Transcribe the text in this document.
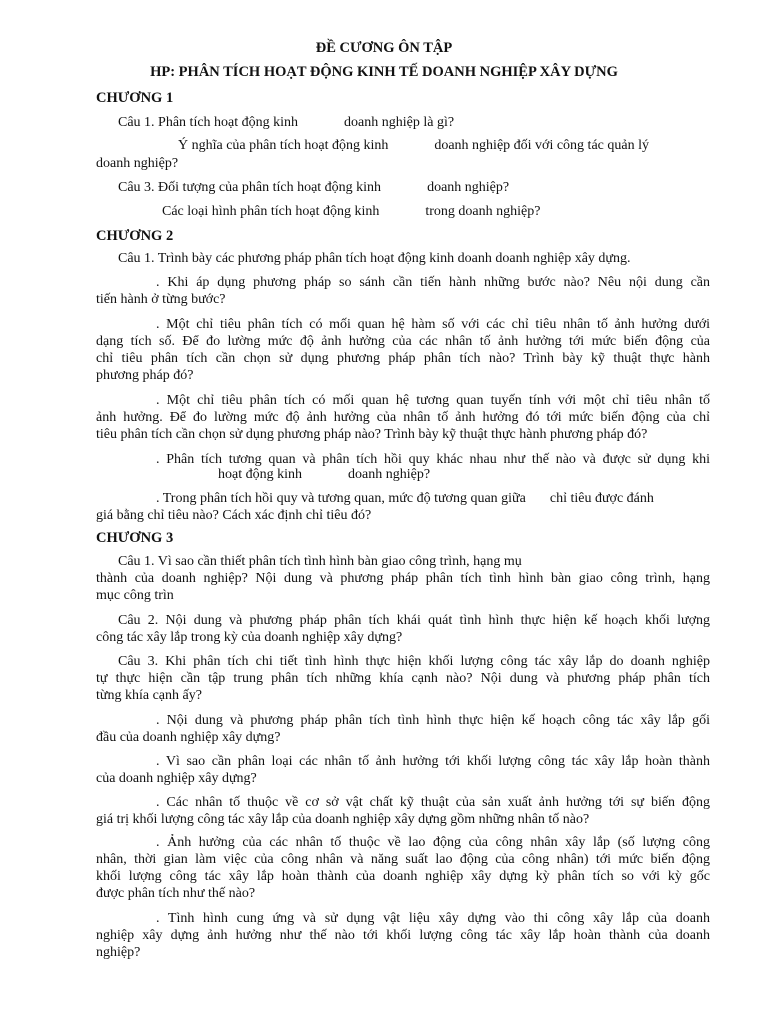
ĐỀ CƯƠNG ÔN TẬP
HP: PHÂN TÍCH HOẠT ĐỘNG KINH TẾ DOANH NGHIỆP XÂY DỰNG
CHƯƠNG 1
Câu 1. Phân tích hoạt động kinh	doanh nghiệp là gì?
Ý nghĩa của phân tích hoạt động kinh	doanh nghiệp đối với công tác quản lý
doanh nghiệp?
Câu 3. Đối tượng của phân tích hoạt động kinh	doanh nghiệp?
Các loại hình phân tích hoạt động kinh	trong doanh nghiệp?
CHƯƠNG 2
Câu 1. Trình bày các phương pháp phân tích hoạt động kinh doanh doanh nghiệp xây dựng.
. Khi áp dụng phương pháp so sánh cần tiến hành những bước nào? Nêu nội dung cần
tiến hành ở từng bước?
. Một chỉ tiêu phân tích có mối quan hệ hàm số với các chỉ tiêu nhân tố ảnh hưởng dưới
dạng tích số. Để đo lường mức độ ảnh hưởng của các nhân tố ảnh hưởng tới mức biến động của
chỉ tiêu phân tích cần chọn sử dụng phương pháp phân tích nào? Trình bày kỹ thuật thực hành
phương pháp đó?
. Một chỉ tiêu phân tích có mối quan hệ tương quan tuyến tính với một chỉ tiêu nhân tố
ảnh hưởng. Để đo lường mức độ ảnh hưởng của nhân tố ảnh hưởng đó tới mức biến động của chỉ
tiêu phân tích cần chọn sử dụng phương pháp nào? Trình bày kỹ thuật thực hành phương pháp đó?
. Phân tích tương quan và phân tích hồi quy khác nhau như thế nào và được sử dụng khi
hoạt động kinh	doanh nghiệp?
. Trong phân tích hồi quy và tương quan, mức độ tương quan giữa chỉ tiêu được đánh
giá bằng chỉ tiêu nào? Cách xác định chỉ tiêu đó?
CHƯƠNG 3
Câu 1. Vì sao cần thiết phân tích tình hình bàn giao công trình, hạng mụ
thành của doanh nghiệp? Nội dung và phương pháp phân tích tình hình bàn giao công trình, hạng
mục công trìn
Câu 2. Nội dung và phương pháp phân tích khái quát tình hình thực hiện kế hoạch khối lượng
công tác xây lắp trong kỳ của doanh nghiệp xây dựng?
Câu 3. Khi phân tích chi tiết tình hình thực hiện khối lượng công tác xây lắp do doanh nghiệp
tự thực hiện cần tập trung phân tích những khía cạnh nào? Nội dung và phương pháp phân tích
từng khía cạnh ấy?
. Nội dung và phương pháp phân tích tình hình thực hiện kế hoạch công tác xây lắp gối
đầu của doanh nghiệp xây dựng?
. Vì sao cần phân loại các nhân tố ảnh hưởng tới khối lượng công tác xây lắp hoàn thành
của doanh nghiệp xây dựng?
. Các nhân tố thuộc về cơ sở vật chất kỹ thuật của sản xuất ảnh hưởng tới sự biến động
giá trị khối lượng công tác xây lắp của doanh nghiệp xây dựng gồm những nhân tố nào?
. Ảnh hưởng của các nhân tố thuộc về lao động của công nhân xây lắp (số lượng công
nhân, thời gian làm việc của công nhân và năng suất lao động của công nhân) tới mức biến động
khối lượng công tác xây lắp hoàn thành của doanh nghiệp xây dựng kỳ phân tích so với kỳ gốc
được phân tích như thế nào?
. Tình hình cung ứng và sử dụng vật liệu xây dựng vào thi công xây lắp của doanh
nghiệp xây dựng ảnh hưởng như thế nào tới khối lượng công tác xây lắp hoàn thành của doanh
nghiệp?
